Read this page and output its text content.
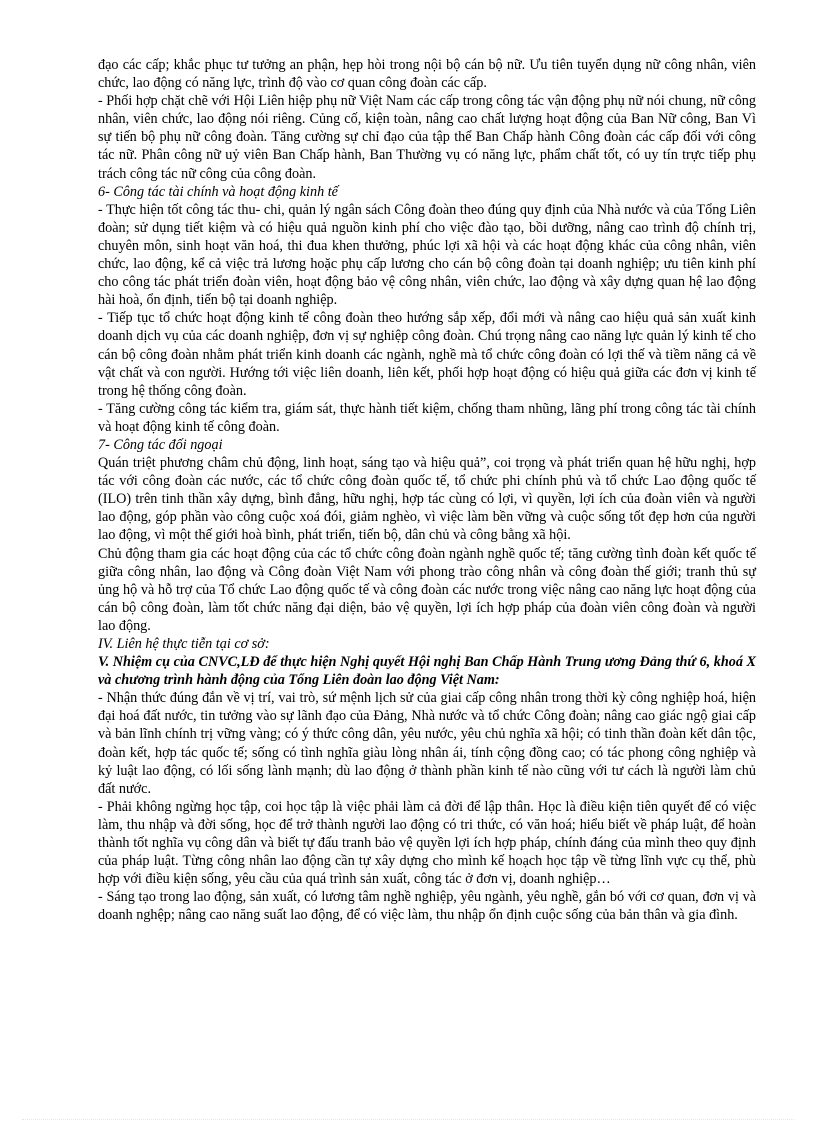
đạo các cấp; khắc phục tư tưởng an phận, hẹp hòi trong nội bộ cán bộ nữ. Ưu tiên tuyển dụng nữ công nhân, viên chức, lao động có năng lực, trình độ vào cơ quan công đoàn các cấp.

- Phối hợp chặt chẽ với Hội Liên hiệp phụ nữ Việt Nam các cấp trong công tác vận động phụ nữ nói chung, nữ công nhân, viên chức, lao động nói riêng. Củng cố, kiện toàn, nâng cao chất lượng hoạt động của Ban Nữ công, Ban Vì sự tiến bộ phụ nữ công đoàn. Tăng cường sự chỉ đạo của tập thể Ban Chấp hành Công đoàn các cấp đối với công tác nữ. Phân công nữ uỷ viên Ban Chấp hành, Ban Thường vụ có năng lực, phẩm chất tốt, có uy tín trực tiếp phụ trách công tác nữ công của công đoàn.

6- Công tác tài chính và hoạt động kinh tế

- Thực hiện tốt công tác thu- chi, quản lý ngân sách Công đoàn theo đúng quy định của Nhà nước và của Tổng Liên đoàn; sử dụng tiết kiệm và có hiệu quả nguồn kinh phí cho việc đào tạo, bồi dưỡng, nâng cao trình độ chính trị, chuyên môn, sinh hoạt văn hoá, thi đua khen thưởng, phúc lợi xã hội và các hoạt động khác của công nhân, viên chức, lao động, kể cả việc trả lương hoặc phụ cấp lương cho cán bộ công đoàn tại doanh nghiệp; ưu tiên kinh phí cho công tác phát triển đoàn viên, hoạt động bảo vệ công nhân, viên chức, lao động và xây dựng quan hệ lao động hài hoà, ổn định, tiến bộ tại doanh nghiệp.

- Tiếp tục tổ chức hoạt động kinh tế công đoàn theo hướng sắp xếp, đổi mới và nâng cao hiệu quả sản xuất kinh doanh dịch vụ của các doanh nghiệp, đơn vị sự nghiệp công đoàn. Chú trọng nâng cao năng lực quản lý kinh tế cho cán bộ công đoàn nhằm phát triển kinh doanh các ngành, nghề mà tổ chức công đoàn có lợi thế và tiềm năng cả về vật chất và con người. Hướng tới việc liên doanh, liên kết, phối hợp hoạt động có hiệu quả giữa các đơn vị kinh tế trong hệ thống công đoàn.

- Tăng cường công tác kiểm tra, giám sát, thực hành tiết kiệm, chống tham nhũng, lãng phí trong công tác tài chính và hoạt động kinh tế công đoàn.

7- Công tác đối ngoại

Quán triệt phương châm chủ động, linh hoạt, sáng tạo và hiệu quả”, coi trọng và phát triển quan hệ hữu nghị, hợp tác với công đoàn các nước, các tổ chức công đoàn quốc tế, tổ chức phi chính phủ và tổ chức Lao động quốc tế (ILO) trên tinh thần xây dựng, bình đẳng, hữu nghị, hợp tác cùng có lợi, vì quyền, lợi ích của đoàn viên và người lao động, góp phần vào công cuộc xoá đói, giảm nghèo, vì việc làm bền vững và cuộc sống tốt đẹp hơn của người lao động, vì một thế giới hoà bình, phát triển, tiến bộ, dân chủ và công bằng xã hội.

Chủ động tham gia các hoạt động của các tổ chức công đoàn ngành nghề quốc tế; tăng cường tình đoàn kết quốc tế giữa công nhân, lao động và Công đoàn Việt Nam với phong trào công nhân và công đoàn thế giới; tranh thủ sự ủng hộ và hỗ trợ của Tổ chức Lao động quốc tế và công đoàn các nước trong việc nâng cao năng lực hoạt động của cán bộ công đoàn, làm tốt chức năng đại diện, bảo vệ quyền, lợi ích hợp pháp của đoàn viên công đoàn và người lao động.

IV. Liên hệ thực tiễn tại cơ sở:

V. Nhiệm cụ của CNVC,LĐ để thực hiện Nghị quyết Hội nghị Ban Chấp Hành Trung ương Đảng thứ 6, khoá X và chương trình hành động của Tổng Liên đoàn lao động Việt Nam:

- Nhận thức đúng đắn về vị trí, vai trò, sứ mệnh lịch sử của giai cấp công nhân trong thời kỳ công nghiệp hoá, hiện đại hoá đất nước, tin tưởng vào sự lãnh đạo của Đảng, Nhà nước và tổ chức Công đoàn; nâng cao giác ngộ giai cấp và bản lĩnh chính trị vững vàng; có ý thức công dân, yêu nước, yêu chủ nghĩa xã hội; có tinh thần đoàn kết dân tộc, đoàn kết, hợp tác quốc tế; sống có tình nghĩa giàu lòng nhân ái, tính cộng đồng cao; có tác phong công nghiệp và kỷ luật lao động, có lối sống lành mạnh; dù lao động ở thành phần kinh tế nào cũng với tư cách là người làm chủ đất nước.

- Phải không ngừng học tập, coi học tập là việc phải làm cả đời để lập thân. Học là điều kiện tiên quyết để có việc làm, thu nhập và đời sống, học để trở thành người lao động có tri thức, có văn hoá; hiểu biết về pháp luật, để hoàn thành tốt nghĩa vụ công dân và biết tự đấu tranh bảo vệ quyền lợi ích hợp pháp, chính đáng của mình theo quy định của pháp luật. Từng công nhân lao động cần tự xây dựng cho mình kế hoạch học tập về từng lĩnh vực cụ thể, phù hợp với điều kiện sống, yêu cầu của quá trình sản xuất, công tác ở đơn vị, doanh nghiệp…

- Sáng tạo trong lao động, sản xuất, có lương tâm nghề nghiệp, yêu ngành, yêu nghề, gắn bó với cơ quan, đơn vị và doanh nghệp; nâng cao năng suất lao động, để có việc làm, thu nhập ổn định cuộc sống của bản thân và gia đình.
